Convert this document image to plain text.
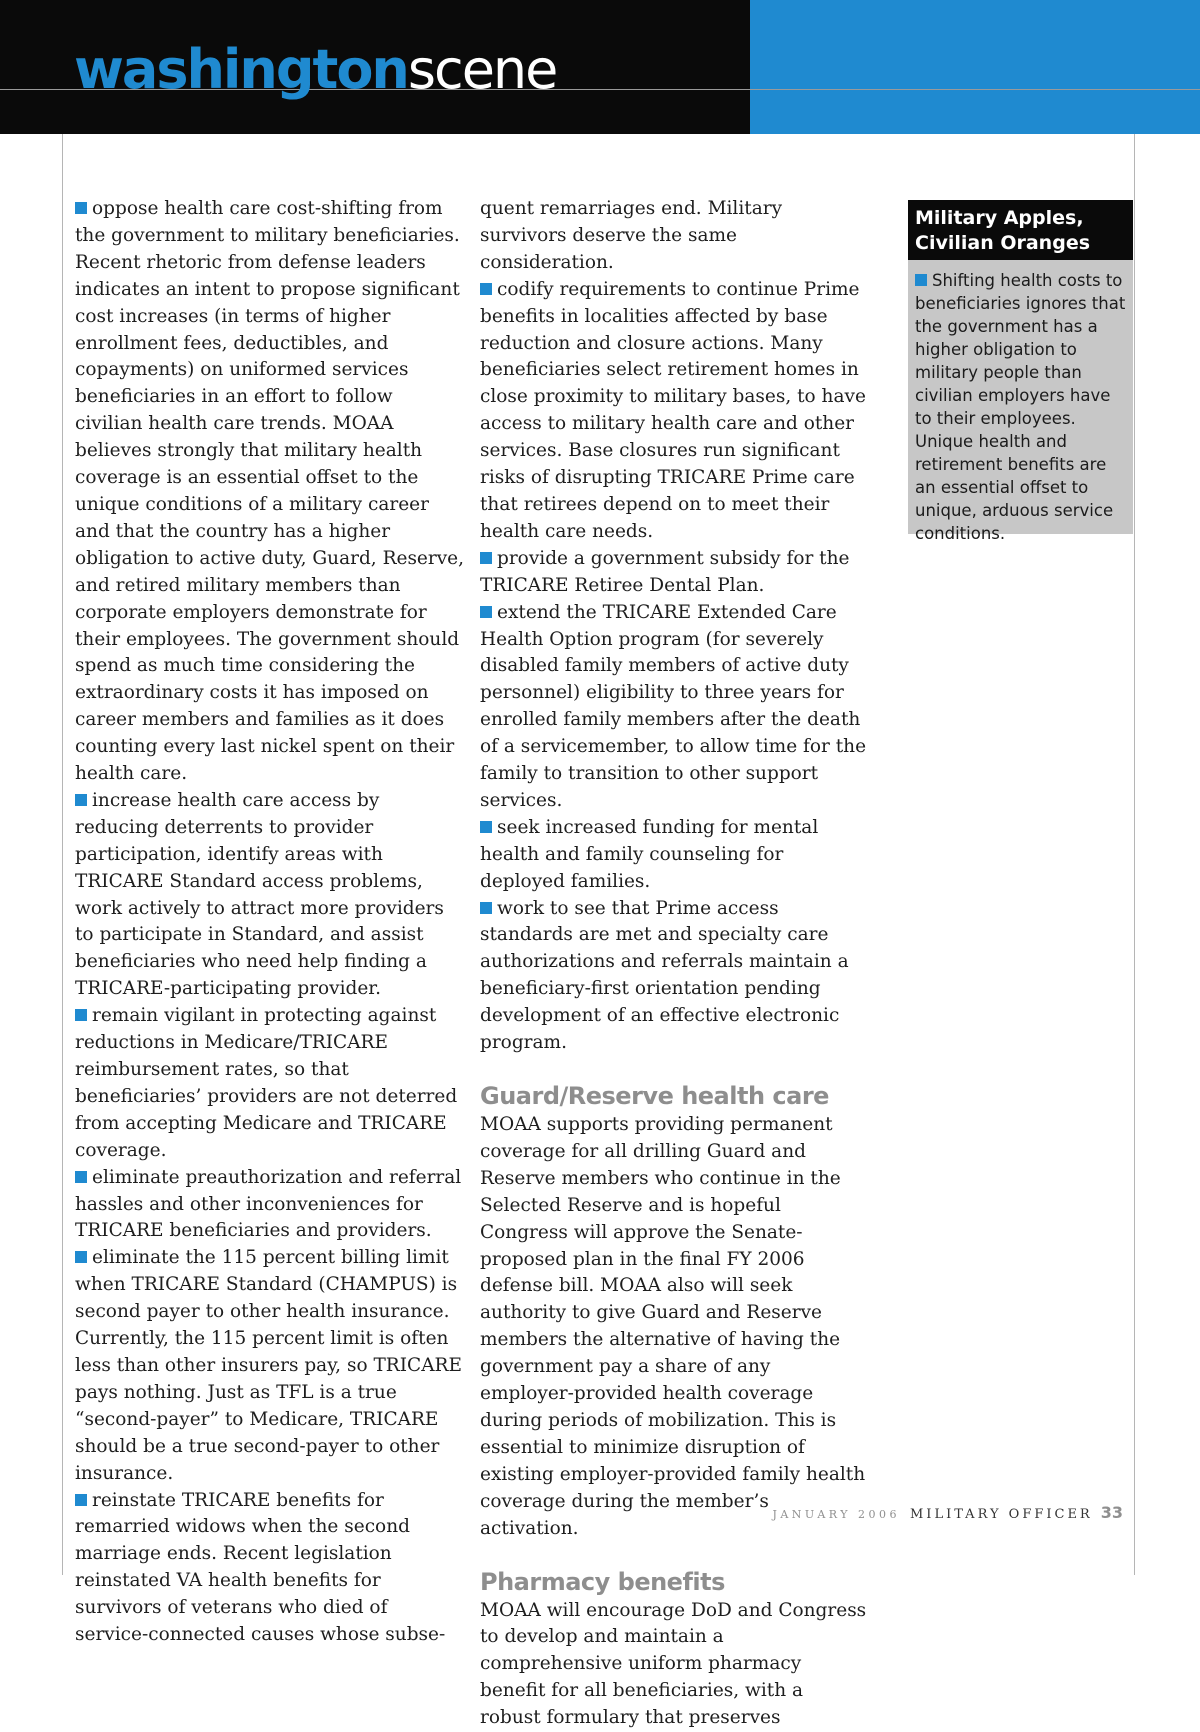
washingtonscene

oppose health care cost-shifting from the government to military beneficiaries. Recent rhetoric from defense leaders indicates an intent to propose significant cost increases (in terms of higher enrollment fees, deductibles, and copayments) on uniformed services beneficiaries in an effort to follow civilian health care trends. MOAA believes strongly that military health coverage is an essential offset to the unique conditions of a military career and that the country has a higher obligation to active duty, Guard, Reserve, and retired military members than corporate employers demonstrate for their employees. The government should spend as much time considering the extraordinary costs it has imposed on career members and families as it does counting every last nickel spent on their health care.

increase health care access by reducing deterrents to provider participation, identify areas with TRICARE Standard access problems, work actively to attract more providers to participate in Standard, and assist beneficiaries who need help finding a TRICARE-participating provider.

remain vigilant in protecting against reductions in Medicare/TRICARE reimbursement rates, so that beneficiaries’ providers are not deterred from accepting Medicare and TRICARE coverage.

eliminate preauthorization and referral hassles and other inconveniences for TRICARE beneficiaries and providers.

eliminate the 115 percent billing limit when TRICARE Standard (CHAMPUS) is second payer to other health insurance. Currently, the 115 percent limit is often less than other insurers pay, so TRICARE pays nothing. Just as TFL is a true “second-payer” to Medicare, TRICARE should be a true second-payer to other insurance.

reinstate TRICARE benefits for remarried widows when the second marriage ends. Recent legislation reinstated VA health benefits for survivors of veterans who died of service-connected causes whose subse-

quent remarriages end. Military survivors deserve the same consideration.

codify requirements to continue Prime benefits in localities affected by base reduction and closure actions. Many beneficiaries select retirement homes in close proximity to military bases, to have access to military health care and other services. Base closures run significant risks of disrupting TRICARE Prime care that retirees depend on to meet their health care needs.

provide a government subsidy for the TRICARE Retiree Dental Plan.

extend the TRICARE Extended Care Health Option program (for severely disabled family members of active duty personnel) eligibility to three years for enrolled family members after the death of a servicemember, to allow time for the family to transition to other support services.

seek increased funding for mental health and family counseling for deployed families.

work to see that Prime access standards are met and specialty care authorizations and referrals maintain a beneficiary-first orientation pending development of an effective electronic program.

Guard/Reserve health care

MOAA supports providing permanent coverage for all drilling Guard and Reserve members who continue in the Selected Reserve and is hopeful Congress will approve the Senate-proposed plan in the final FY 2006 defense bill. MOAA also will seek authority to give Guard and Reserve members the alternative of having the government pay a share of any employer-provided health coverage during periods of mobilization. This is essential to minimize disruption of existing employer-provided family health coverage during the member’s activation.

Pharmacy benefits

MOAA will encourage DoD and Congress to develop and maintain a comprehensive uniform pharmacy benefit for all beneficiaries, with a robust formulary that preserves

Military Apples, Civilian Oranges
Shifting health costs to beneficiaries ignores that the government has a higher obligation to military people than civilian employers have to their employees. Unique health and retirement benefits are an essential offset to unique, arduous service conditions.
JANUARY 2006 MILITARY OFFICER 33
